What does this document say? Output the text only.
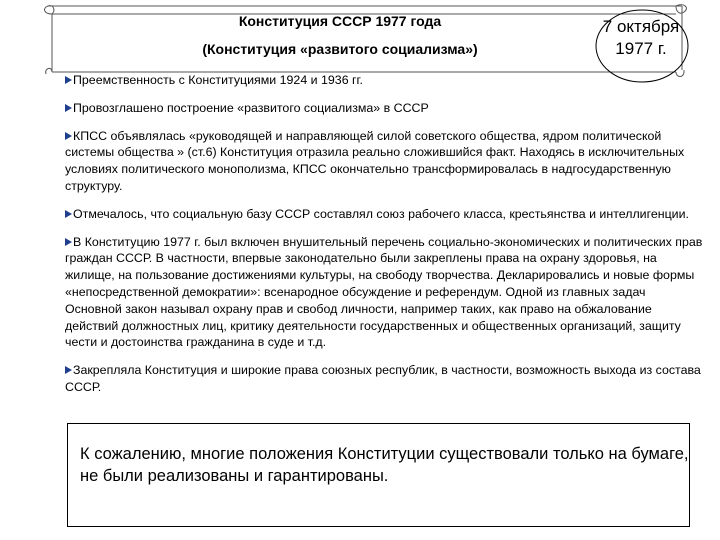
Конституция СССР 1977 года
(Конституция «развитого социализма»)
7 октября
1977 г.

Преемственность с Конституциями 1924 и 1936 гг.

Провозглашено построение «развитого социализма» в СССР

КПСС объявлялась «руководящей и направляющей силой советского общества, ядром политической системы общества » (ст.6) Конституция отразила реально сложившийся факт. Находясь в исключительных условиях политического монополизма, КПСС окончательно трансформировалась в надгосударственную структуру.

Отмечалось, что социальную базу СССР составлял союз рабочего класса, крестьянства и интеллигенции.

В Конституцию 1977 г. был включен внушительный перечень социально-экономических и политических прав граждан СССР. В частности, впервые законодательно были закреплены права на охрану здоровья, на жилище, на пользование достижениями культуры, на свободу творчества. Декларировались и новые формы «непосредственной демократии»: всенародное обсуждение и референдум. Одной из главных задач Основной закон называл охрану прав и свобод личности, например таких, как право на обжалование действий должностных лиц, критику деятельности государственных и общественных организаций, защиту чести и достоинства гражданина в суде и т.д.

Закрепляла Конституция и широкие права союзных республик, в частности, возможность выхода из состава СССР.

К сожалению, многие положения Конституции существовали только на бумаге, не были реализованы и гарантированы.
